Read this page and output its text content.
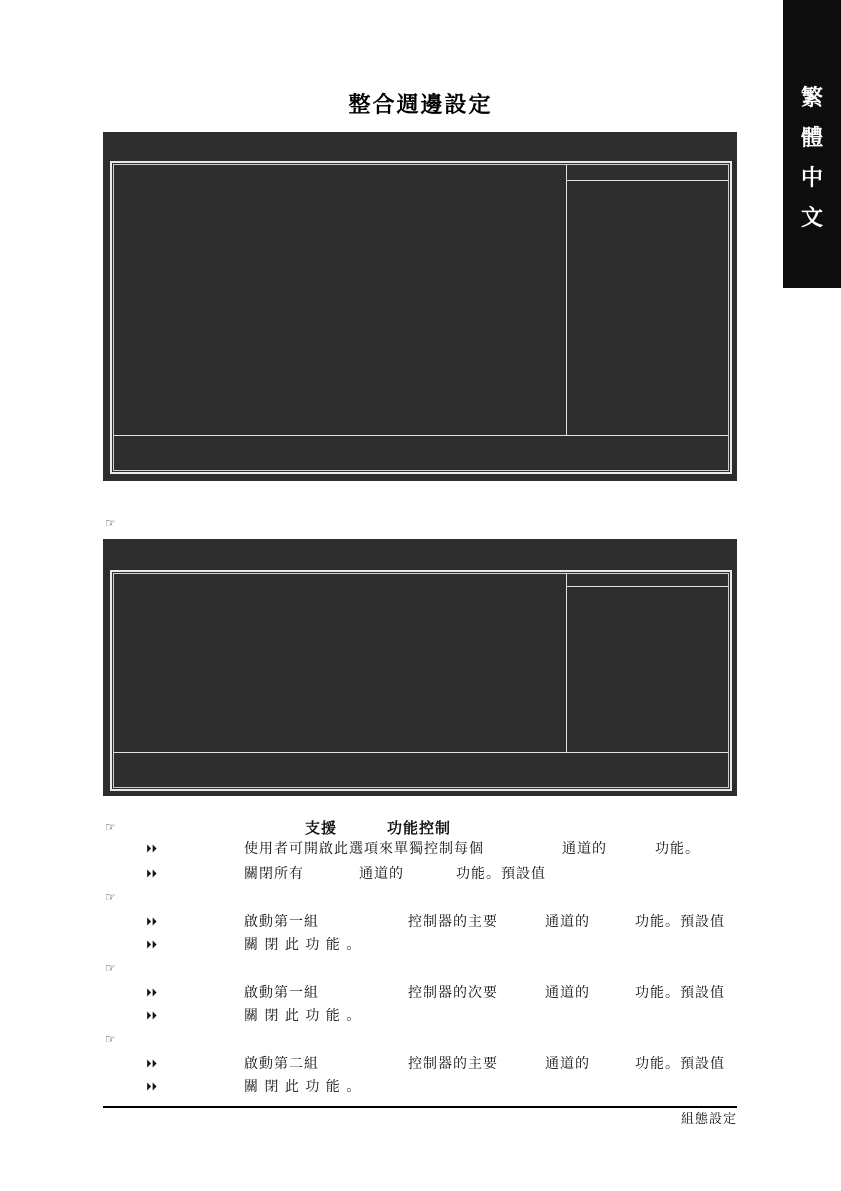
繁
體
中
文
整合週邊設定
☞
☞	支援	功能控制
⏵⏵	使用者可開啟此選項來單獨控制每個	通道的	功能。
⏵⏵	關閉所有	通道的	功能。預設值
☞
⏵⏵	啟動第一組	控制器的主要	通道的	功能。預設值
⏵⏵	關 閉 此 功 能 。
☞
⏵⏵	啟動第一組	控制器的次要	通道的	功能。預設值
⏵⏵	關 閉 此 功 能 。
☞
⏵⏵	啟動第二組	控制器的主要	通道的	功能。預設值
⏵⏵	關 閉 此 功 能 。
組態設定
